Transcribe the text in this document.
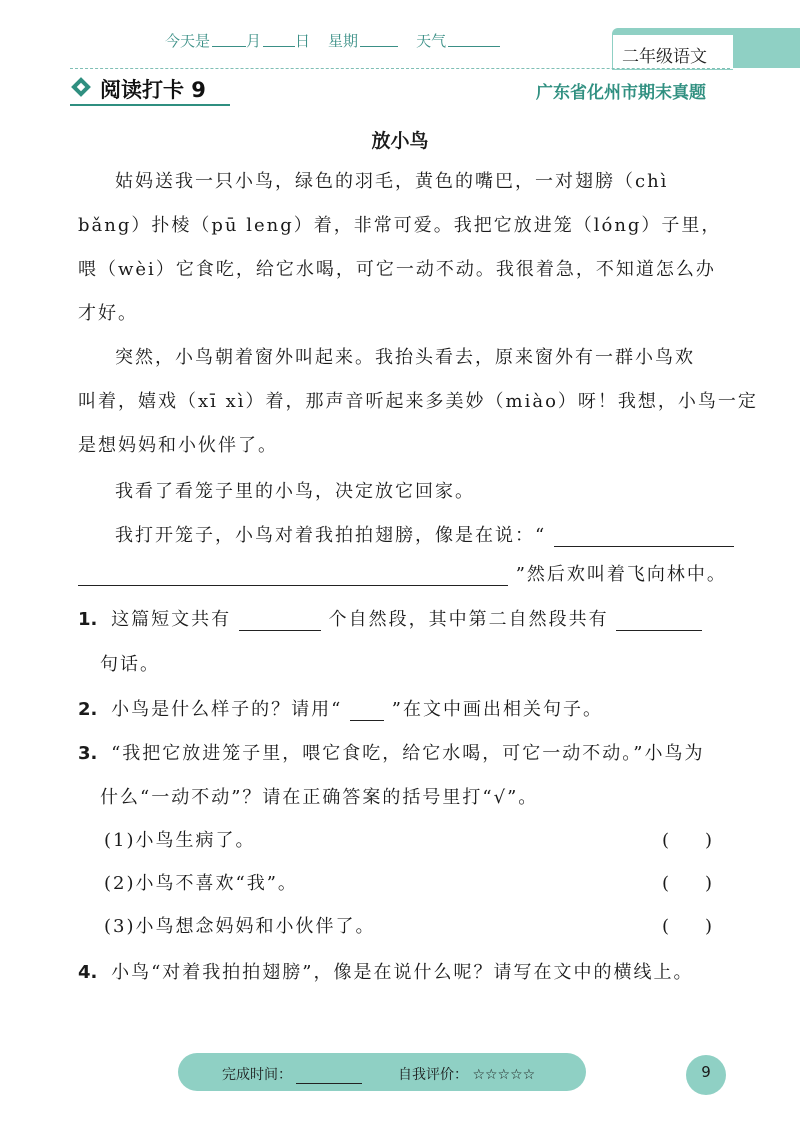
今天是 月 日 星期	天气
二年级语文
阅读打卡 9	广东省化州市期末真题
放小鸟
姑妈送我一只小鸟，绿色的羽毛，黄色的嘴巴，一对翅膀（chì
bǎng）扑棱（pū leng）着，非常可爱。我把它放进笼（lóng）子里，
喂（wèi）它食吃，给它水喝，可它一动不动。我很着急，不知道怎么办
才好。
突然，小鸟朝着窗外叫起来。我抬头看去，原来窗外有一群小鸟欢
叫着，嬉戏（xī xì）着，那声音听起来多美妙（miào）呀！我想，小鸟一定
是想妈妈和小伙伴了。
我看了看笼子里的小鸟，决定放它回家。
我打开笼子，小鸟对着我拍拍翅膀，像是在说：“
”然后欢叫着飞向林中。
1. 这篇短文共有	个自然段，其中第二自然段共有
句话。
2. 小鸟是什么样子的？请用“	”在文中画出相关句子。
3. “我把它放进笼子里，喂它食吃，给它水喝，可它一动不动。”小鸟为
什么“一动不动”？请在正确答案的括号里打“√”。
(1)小鸟生病了。	(　　)
(2)小鸟不喜欢“我”。	(　　)
(3)小鸟想念妈妈和小伙伴了。	(　　)
4. 小鸟“对着我拍拍翅膀”，像是在说什么呢？请写在文中的横线上。
完成时间：	自我评价： ☆☆☆☆☆	9
